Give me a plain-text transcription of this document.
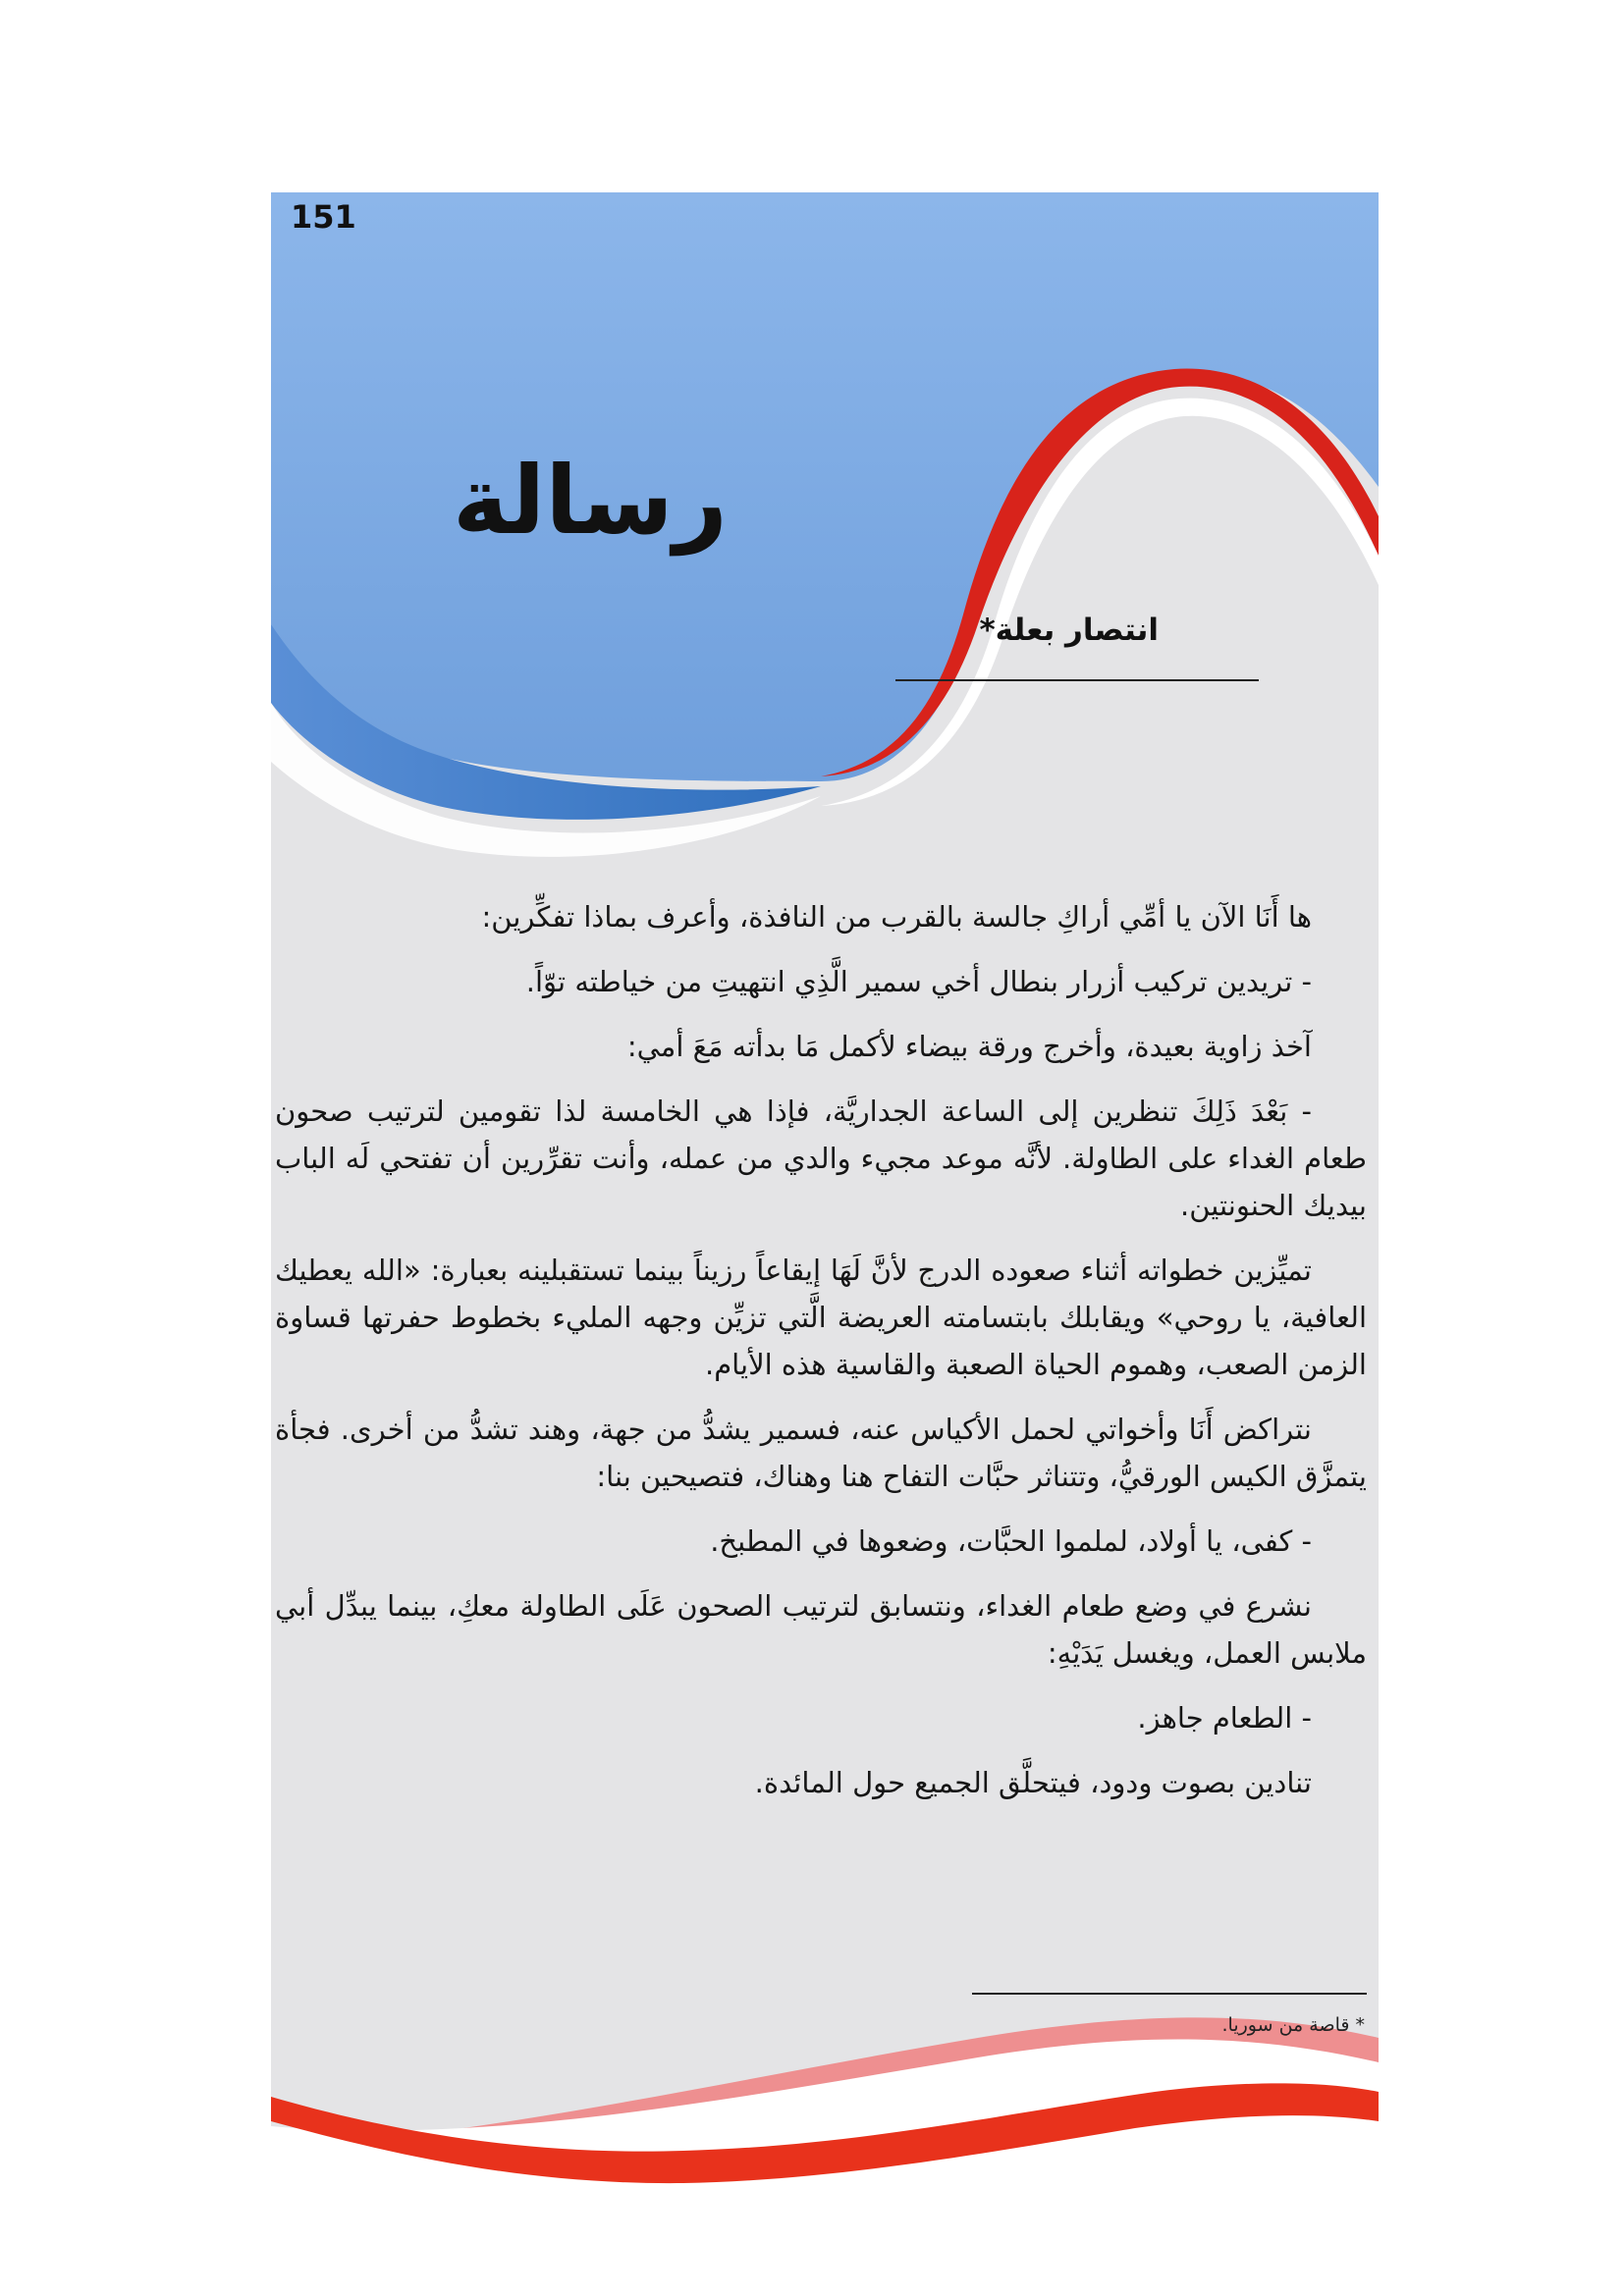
151
رسالة
انتصار بعلة*

ها أَنَا الآن يا أمِّي أراكِ جالسة بالقرب من النافذة، وأعرف بماذا تفكِّرين:

- تريدين تركيب أزرار بنطال أخي سمير الَّذِي انتهيتِ من خياطته توّاً.

آخذ زاوية بعيدة، وأخرج ورقة بيضاء لأكمل مَا بدأته مَعَ أمي:

- بَعْدَ ذَلِكَ تنظرين إلى الساعة الجداريَّة، فإذا هي الخامسة لذا تقومين لترتيب صحون طعام الغداء على الطاولة. لأنَّه موعد مجيء والدي من عمله، وأنت تقرِّرين أن تفتحي لَه الباب بيديك الحنونتين.

تميِّزين خطواته أثناء صعوده الدرج لأنَّ لَهَا إيقاعاً رزيناً بينما تستقبلينه بعبارة: «الله يعطيك العافية، يا روحي» ويقابلك بابتسامته العريضة الَّتي تزيِّن وجهه المليء بخطوط حفرتها قساوة الزمن الصعب، وهموم الحياة الصعبة والقاسية هذه الأيام.

نتراكض أَنَا وأخواتي لحمل الأكياس عنه، فسمير يشدُّ من جهة، وهند تشدُّ من أخرى. فجأة يتمزَّق الكيس الورقيُّ، وتتناثر حبَّات التفاح هنا وهناك، فتصيحين بنا:

- كفى، يا أولاد، لملموا الحبَّات، وضعوها في المطبخ.

نشرع في وضع طعام الغداء، ونتسابق لترتيب الصحون عَلَى الطاولة معكِ، بينما يبدِّل أبي ملابس العمل، ويغسل يَدَيْهِ:

- الطعام جاهز.

تنادين بصوت ودود، فيتحلَّق الجميع حول المائدة.

* قاصة من سوريا.
